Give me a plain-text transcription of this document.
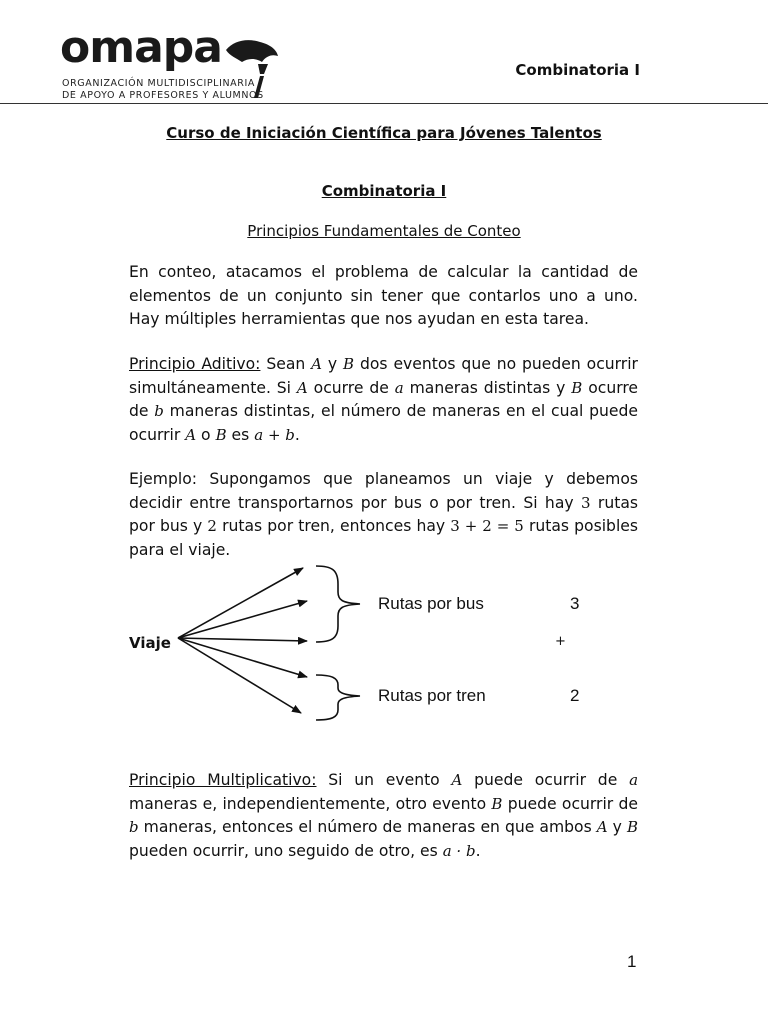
omapa
ORGANIZACIÓN MULTIDISCIPLINARIA
DE APOYO A PROFESORES Y ALUMNOS
Combinatoria I
Curso de Iniciación Científica para Jóvenes Talentos
Combinatoria I
Principios Fundamentales de Conteo
En conteo, atacamos el problema de calcular la cantidad de elementos de un conjunto sin tener que contarlos uno a uno. Hay múltiples herramientas que nos ayudan en esta tarea.
Principio Aditivo: Sean A y B dos eventos que no pueden ocurrir simultáneamente. Si A ocurre de a maneras distintas y B ocurre de b maneras distintas, el número de maneras en el cual puede ocurrir A o B es a + b.
Ejemplo: Supongamos que planeamos un viaje y debemos decidir entre transportarnos por bus o por tren. Si hay 3 rutas por bus y 2 rutas por tren, entonces hay 3 + 2 = 5 rutas posibles para el viaje.
Viaje
Rutas por bus	3
+
Rutas por tren	2
Principio Multiplicativo: Si un evento A puede ocurrir de a maneras e, independientemente, otro evento B puede ocurrir de b maneras, entonces el número de maneras en que ambos A y B pueden ocurrir, uno seguido de otro, es a · b.
1
